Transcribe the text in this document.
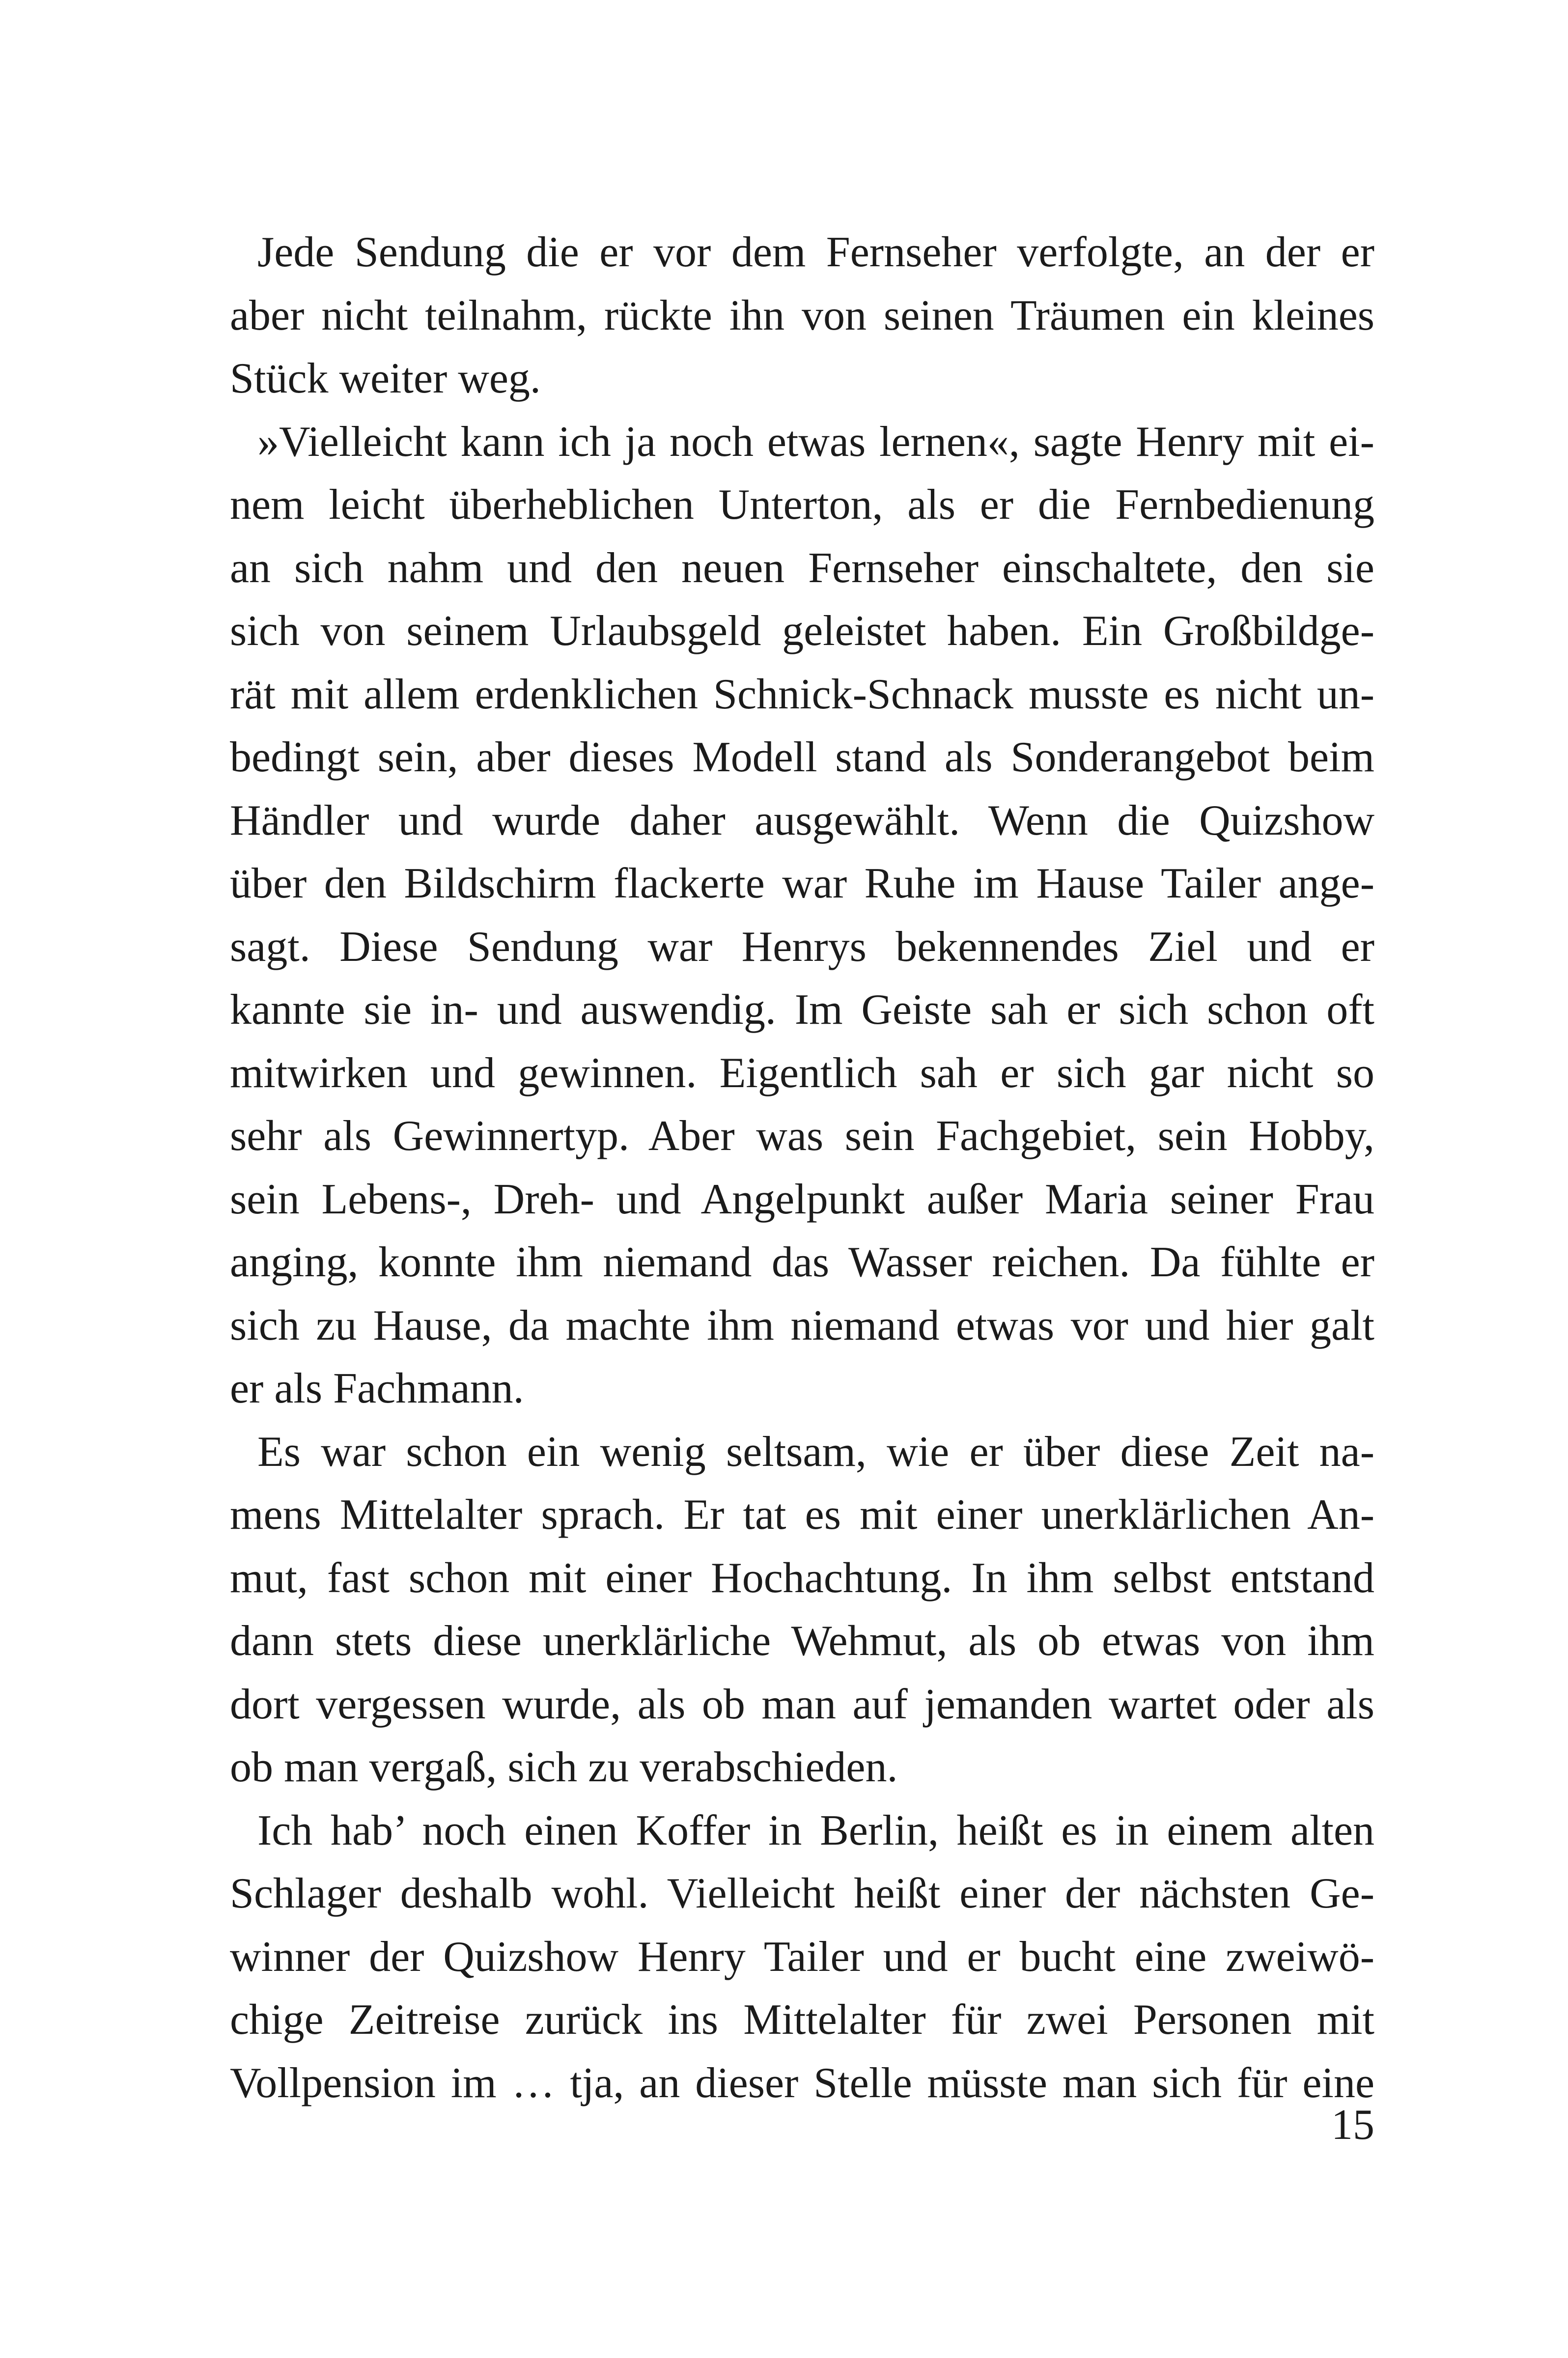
Jede Sendung die er vor dem Fernseher verfolgte, an der er
aber nicht teilnahm, rückte ihn von seinen Träumen ein kleines
Stück weiter weg.

»Vielleicht kann ich ja noch etwas lernen«, sagte Henry mit ei-
nem leicht überheblichen Unterton, als er die Fernbedienung
an sich nahm und den neuen Fernseher einschaltete, den sie
sich von seinem Urlaubsgeld geleistet haben. Ein Großbildge-
rät mit allem erdenklichen Schnick-Schnack musste es nicht un-
bedingt sein, aber dieses Modell stand als Sonderangebot beim
Händler und wurde daher ausgewählt. Wenn die Quizshow
über den Bildschirm flackerte war Ruhe im Hause Tailer ange-
sagt. Diese Sendung war Henrys bekennendes Ziel und er
kannte sie in- und auswendig. Im Geiste sah er sich schon oft
mitwirken und gewinnen. Eigentlich sah er sich gar nicht so
sehr als Gewinnertyp. Aber was sein Fachgebiet, sein Hobby,
sein Lebens-, Dreh- und Angelpunkt außer Maria seiner Frau
anging, konnte ihm niemand das Wasser reichen. Da fühlte er
sich zu Hause, da machte ihm niemand etwas vor und hier galt
er als Fachmann.

Es war schon ein wenig seltsam, wie er über diese Zeit na-
mens Mittelalter sprach. Er tat es mit einer unerklärlichen An-
mut, fast schon mit einer Hochachtung. In ihm selbst entstand
dann stets diese unerklärliche Wehmut, als ob etwas von ihm
dort vergessen wurde, als ob man auf jemanden wartet oder als
ob man vergaß, sich zu verabschieden.

Ich hab’ noch einen Koffer in Berlin, heißt es in einem alten
Schlager deshalb wohl. Vielleicht heißt einer der nächsten Ge-
winner der Quizshow Henry Tailer und er bucht eine zweiwö-
chige Zeitreise zurück ins Mittelalter für zwei Personen mit
Vollpension im … tja, an dieser Stelle müsste man sich für eine

15
